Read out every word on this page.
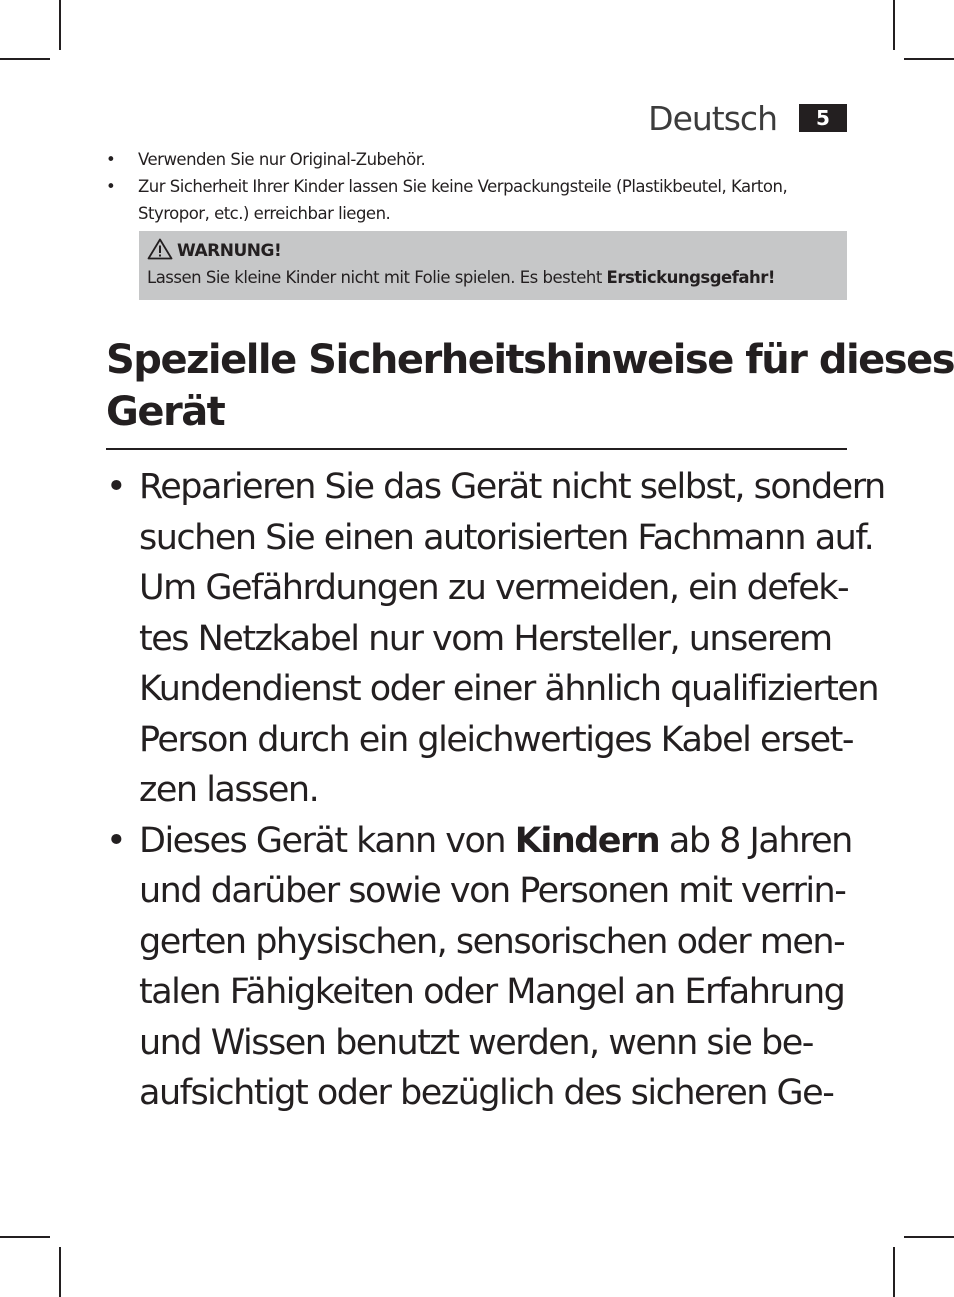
Deutsch	5
• Verwenden Sie nur Original-Zubehör.
• Zur Sicherheit Ihrer Kinder lassen Sie keine Verpackungsteile (Plastikbeutel, Karton,
Styropor, etc.) erreichbar liegen.
WARNUNG!
Lassen Sie kleine Kinder nicht mit Folie spielen. Es besteht Erstickungsgefahr!
Spezielle Sicherheitshinweise für dieses
Gerät
• Reparieren Sie das Gerät nicht selbst, sondern
suchen Sie einen autorisierten Fachmann auf.
Um Gefährdungen zu vermeiden, ein defek-
tes Netzkabel nur vom Hersteller, unserem
Kundendienst oder einer ähnlich qualifizierten
Person durch ein gleichwertiges Kabel erset-
zen lassen.
• Dieses Gerät kann von Kindern ab 8 Jahren
und darüber sowie von Personen mit verrin-
gerten physischen, sensorischen oder men-
talen Fähigkeiten oder Mangel an Erfahrung
und Wissen benutzt werden, wenn sie be-
aufsichtigt oder bezüglich des sicheren Ge-
